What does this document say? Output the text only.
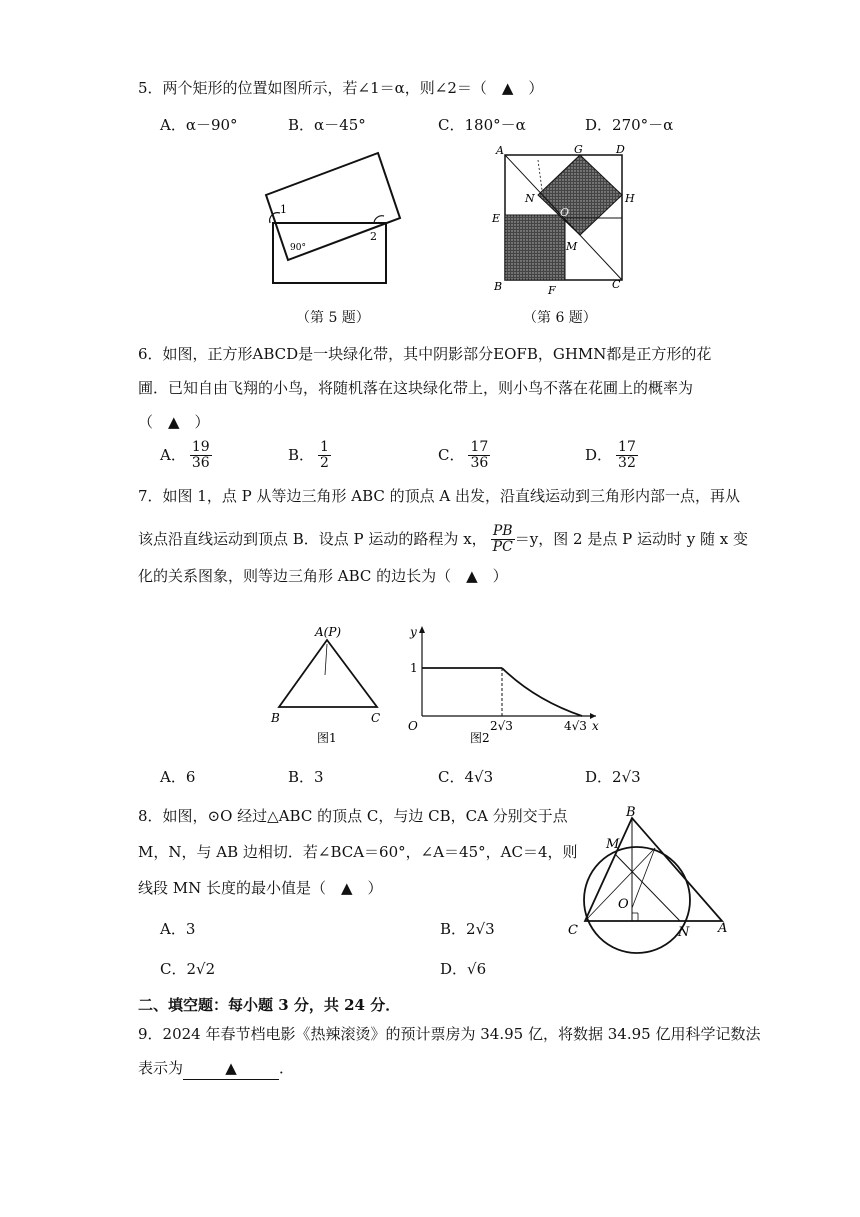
5．两个矩形的位置如图所示，若∠1＝α，则∠2＝（　▲　）
A．α－90°	B．α－45°	C．180°－α	D．270°－α
1
2
90°
（第 5 题）
A	G	D
N	H
E	O
M
B	F	C
（第 6 题）
6．如图，正方形ABCD是一块绿化带，其中阴影部分EOFB，GHMN都是正方形的花
圃．已知自由飞翔的小鸟，将随机落在这块绿化带上，则小鸟不落在花圃上的概率为
（　▲　）
A． $\frac{19}{36}$	B． $\frac{1}{2}$	C． $\frac{17}{36}$	D． $\frac{17}{32}$
7．如图 1，点 P 从等边三角形 ABC 的顶点 A 出发，沿直线运动到三角形内部一点，再从
该点沿直线运动到顶点 B．设点 P 运动的路程为 x， $\frac{PB}{PC} =y$，图 2 是点 P 运动时 y 随 x 变
化的关系图象，则等边三角形 ABC 的边长为（　▲　）
A(P)
B	C
图1
y
1
O	2√3	4√3 x
图2
A．6	B．3	C．4√3	D．2√3
8．如图，⊙O 经过△ABC 的顶点 C，与边 CB，CA 分别交于点
M，N，与 AB 边相切．若∠BCA＝60°，∠A＝45°，AC＝4，则
线段 MN 长度的最小值是（　▲　）
A．3	B．2√3
C．2√2	D．√6
B
M
O
C	N A
二、填空题：每小题 3 分，共 24 分．
9．2024 年春节档电影《热辣滚烫》的预计票房为 34.95 亿，将数据 34.95 亿用科学记数法
表示为	▲	．
